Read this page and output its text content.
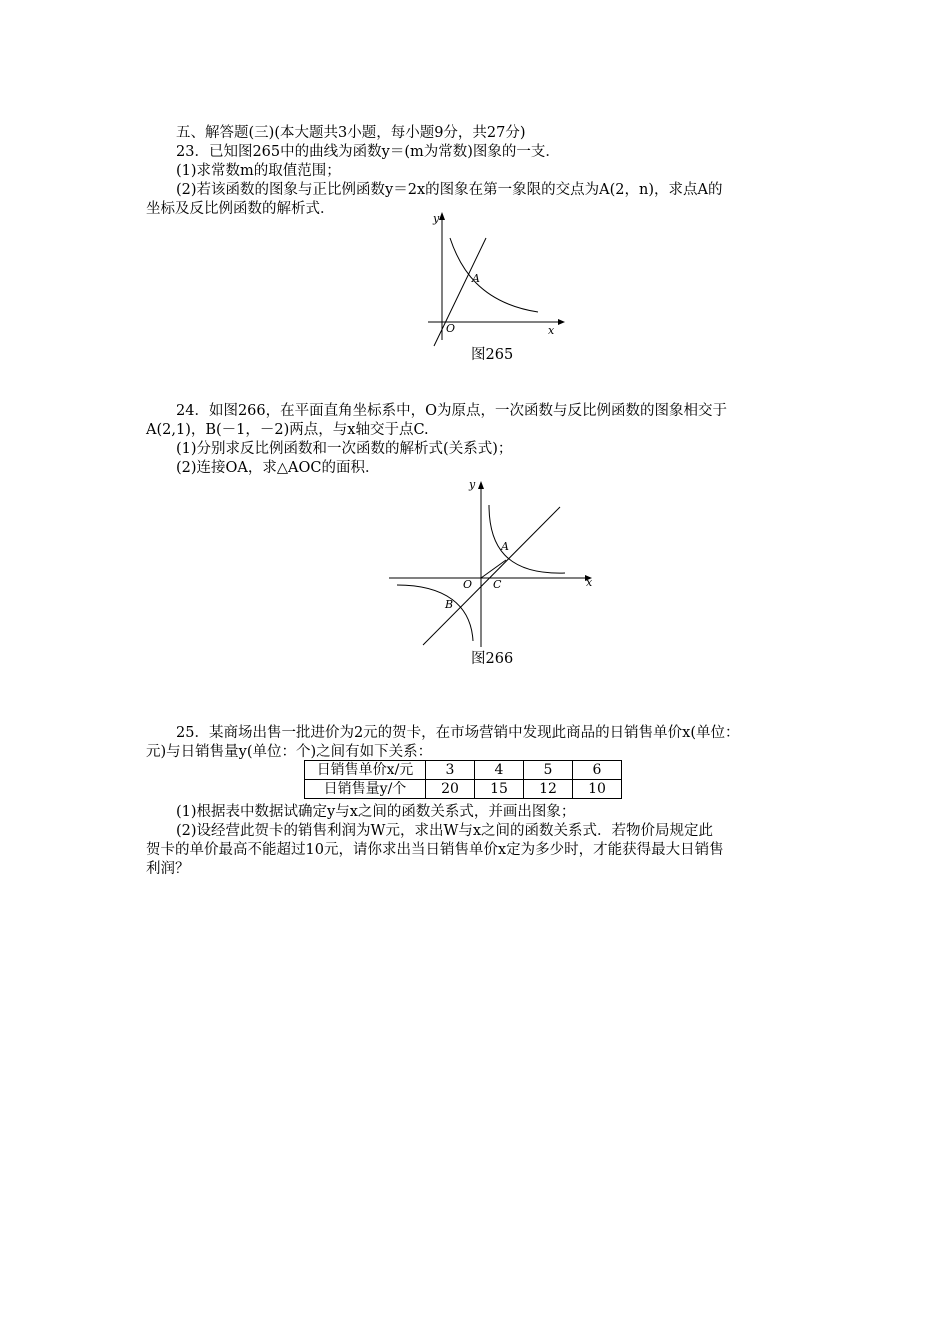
五、解答题(三)(本大题共3小题，每小题9分，共27分)
23．已知图265中的曲线为函数y＝(m为常数)图象的一支．
(1)求常数m的取值范围；
(2)若该函数的图象与正比例函数y＝2x的图象在第一象限的交点为A(2，n)，求点A的
坐标及反比例函数的解析式．
y
x
O
A
图265
24．如图266，在平面直角坐标系中，O为原点，一次函数与反比例函数的图象相交于
A(2,1)，B(－1，－2)两点，与x轴交于点C.
(1)分别求反比例函数和一次函数的解析式(关系式)；
(2)连接OA，求△AOC的面积．
y
x
O
A
B
C
图266
25．某商场出售一批进价为2元的贺卡，在市场营销中发现此商品的日销售单价x(单位：
元)与日销售量y(单位：个)之间有如下关系：
日销售单价x/元	3	4	5	6
日销售量y/个	20	15	12	10
(1)根据表中数据试确定y与x之间的函数关系式，并画出图象；
(2)设经营此贺卡的销售利润为W元，求出W与x之间的函数关系式．若物价局规定此
贺卡的单价最高不能超过10元，请你求出当日销售单价x定为多少时，才能获得最大日销售
利润？
